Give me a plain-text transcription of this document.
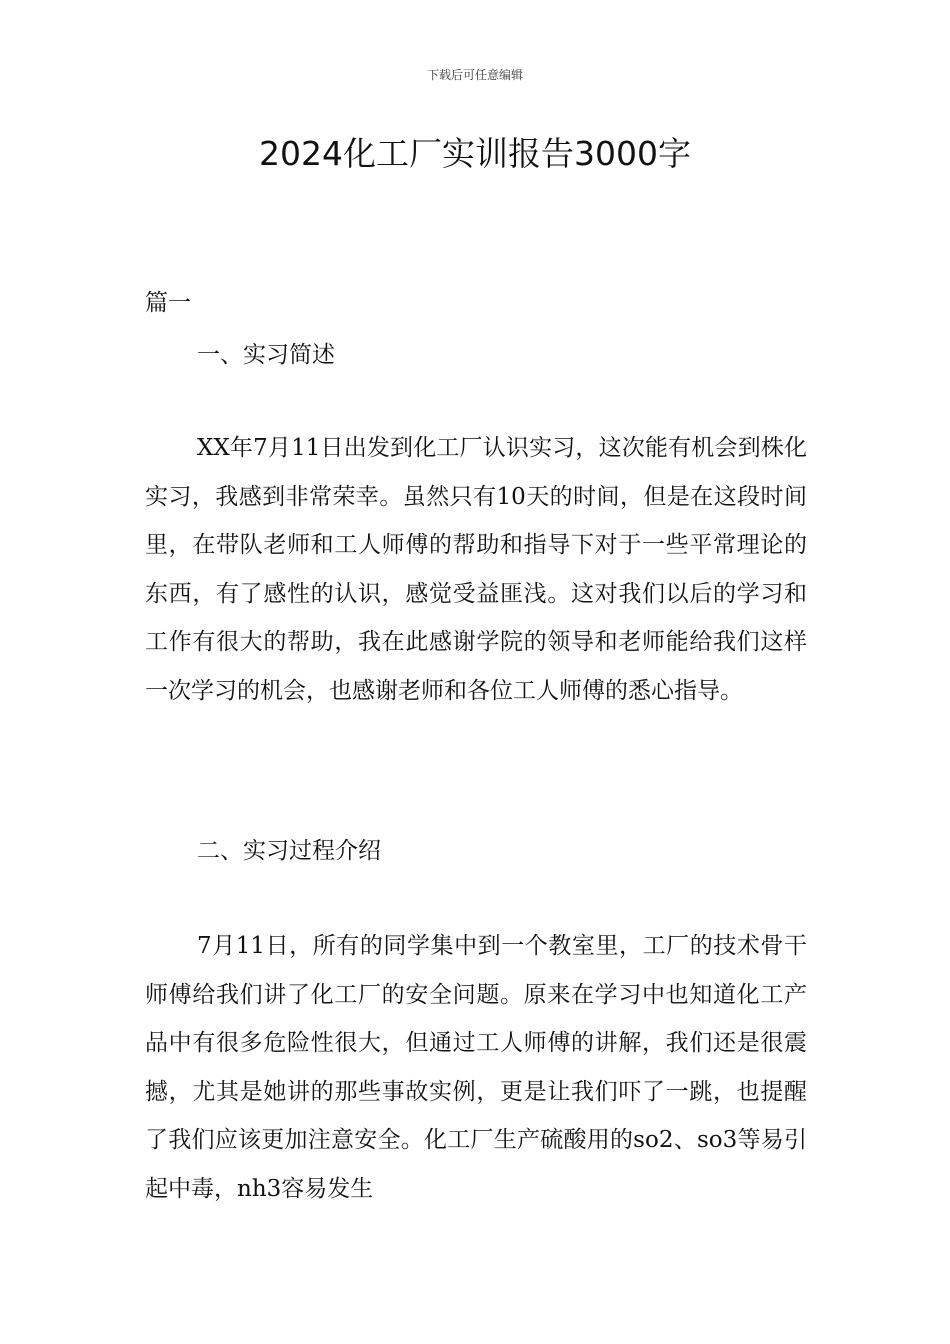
下载后可任意编辑
2024化工厂实训报告3000字
篇一
一、实习简述

XX年7月11日出发到化工厂认识实习，这次能有机会到株化实习，我感到非常荣幸。虽然只有10天的时间，但是在这段时间里，在带队老师和工人师傅的帮助和指导下对于一些平常理论的东西，有了感性的认识，感觉受益匪浅。这对我们以后的学习和工作有很大的帮助，我在此感谢学院的领导和老师能给我们这样一次学习的机会，也感谢老师和各位工人师傅的悉心指导。

二、实习过程介绍

7月11日，所有的同学集中到一个教室里，工厂的技术骨干师傅给我们讲了化工厂的安全问题。原来在学习中也知道化工产品中有很多危险性很大，但通过工人师傅的讲解，我们还是很震撼，尤其是她讲的那些事故实例，更是让我们吓了一跳，也提醒了我们应该更加注意安全。化工厂生产硫酸用的so2、so3等易引起中毒，nh3容易发生
